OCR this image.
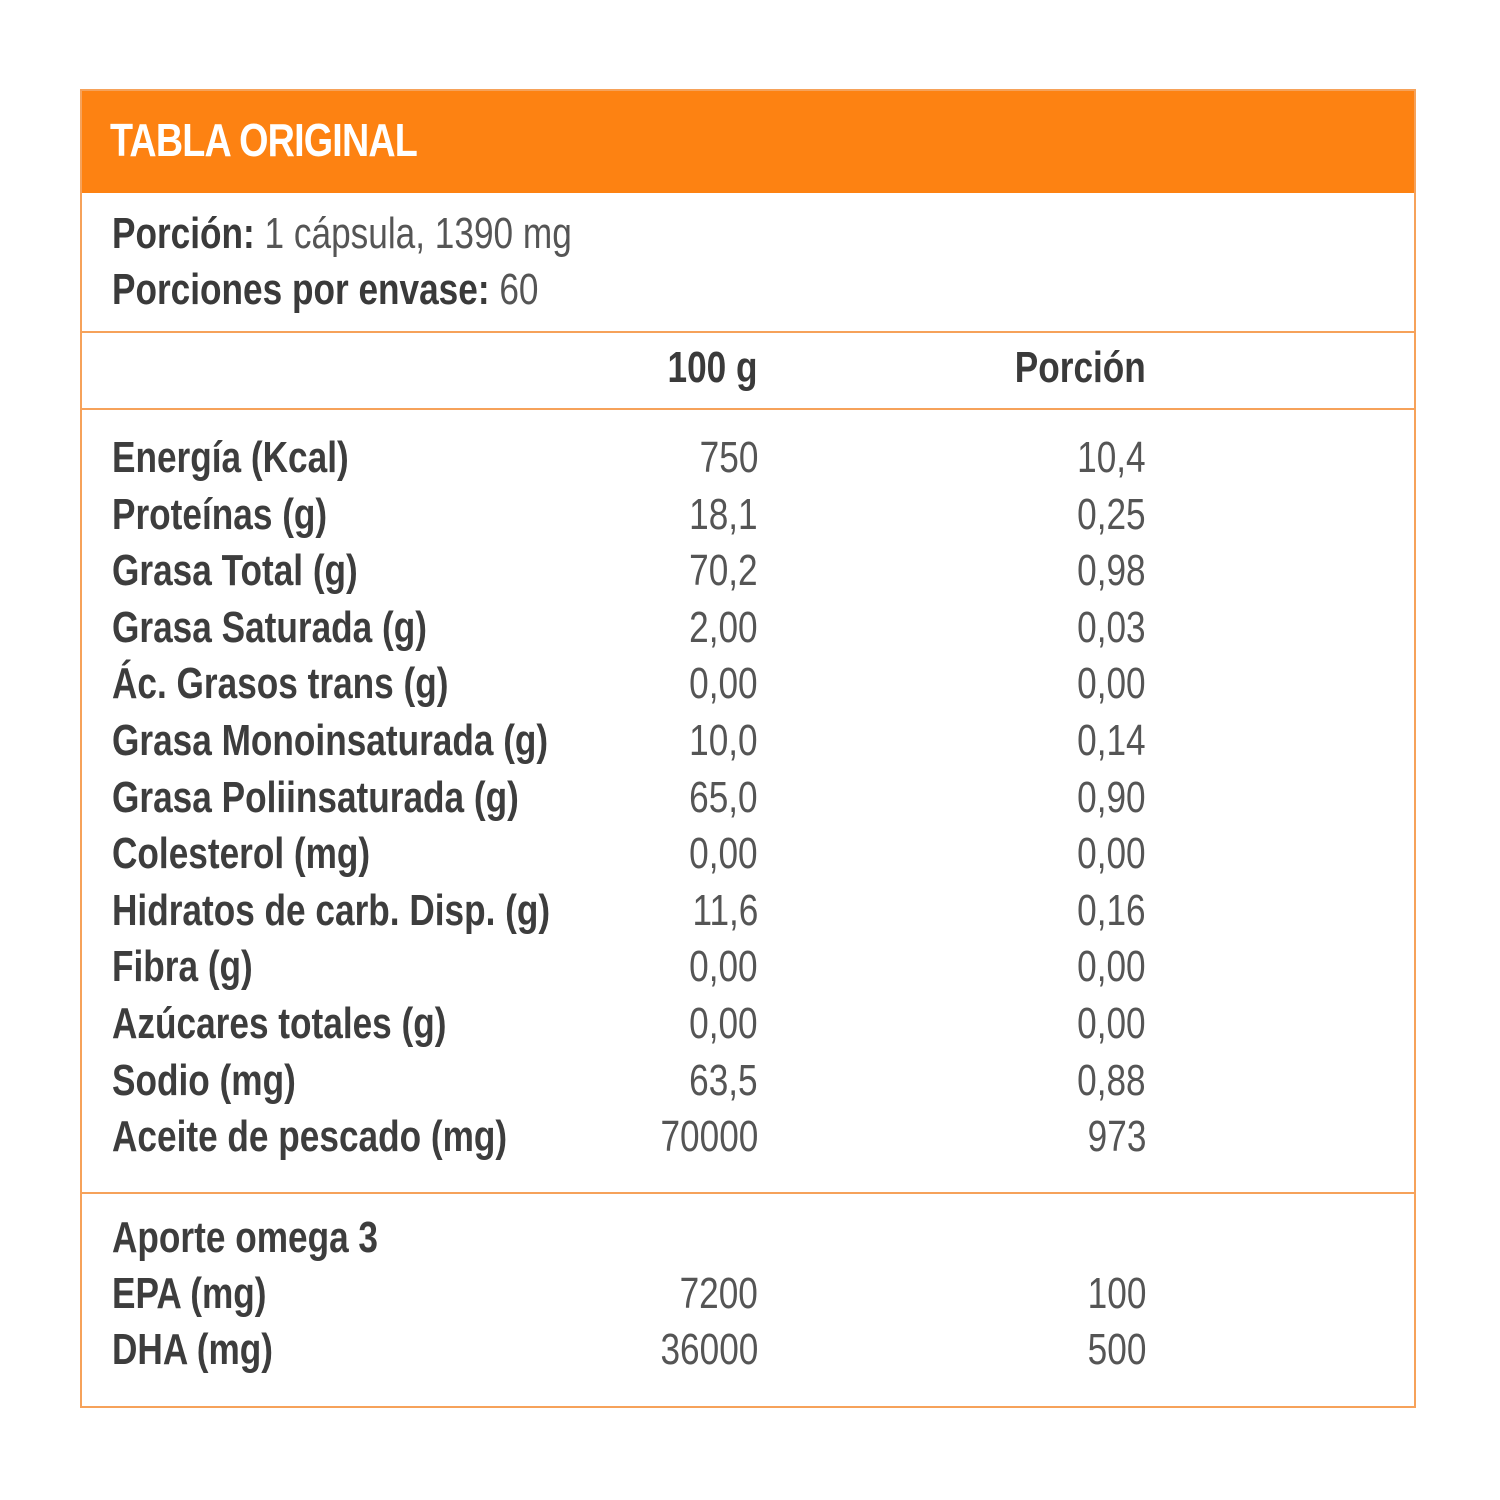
TABLA ORIGINAL
Porción: 1 cápsula, 1390 mg
Porciones por envase: 60
100 g	Porción
Energía (Kcal)	750	10,4
Proteínas (g)	18,1	0,25
Grasa Total (g)	70,2	0,98
Grasa Saturada (g)	2,00	0,03
Ác. Grasos trans (g)	0,00	0,00
Grasa Monoinsaturada (g)	10,0	0,14
Grasa Poliinsaturada (g)	65,0	0,90
Colesterol (mg)	0,00	0,00
Hidratos de carb. Disp. (g)	11,6	0,16
Fibra (g)	0,00	0,00
Azúcares totales (g)	0,00	0,00
Sodio (mg)	63,5	0,88
Aceite de pescado (mg)	70000	973
Aporte omega 3
EPA (mg)	7200	100
DHA (mg)	36000	500
